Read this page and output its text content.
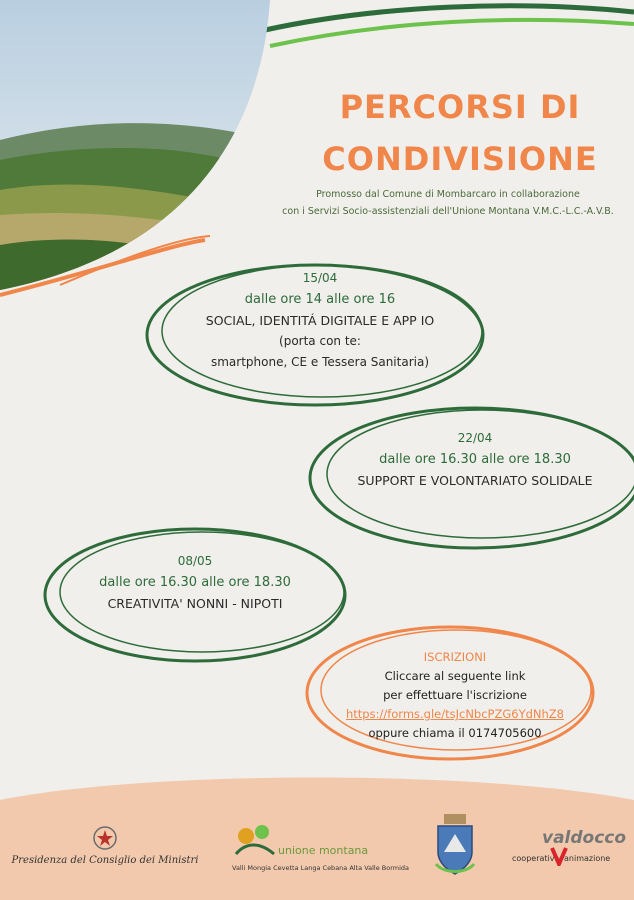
PERCORSI DI
CONDIVISIONE
Promosso dal Comune di Mombarcaro in collaborazione
con i Servizi Socio-assistenziali dell'Unione Montana V.M.C.-L.C.-A.V.B.
15/04
dalle ore 14 alle ore 16
SOCIAL, IDENTITÁ DIGITALE E APP IO
(porta con te:
smartphone, CE e Tessera Sanitaria)
22/04
dalle ore 16.30 alle ore 18.30
SUPPORT E VOLONTARIATO SOLIDALE
08/05
dalle ore 16.30 alle ore 18.30
CREATIVITA' NONNI - NIPOTI
ISCRIZIONI
Cliccare al seguente link
per effettuare l'iscrizione
https://forms.gle/tsJcNbcPZG6YdNhZ8
oppure chiama il 0174705600
Presidenza del Consiglio dei Ministri
unione montana
Valli Mongia Cevetta Langa Cebana Alta Valle Bormida
cooperativa
valdocco
animazione
